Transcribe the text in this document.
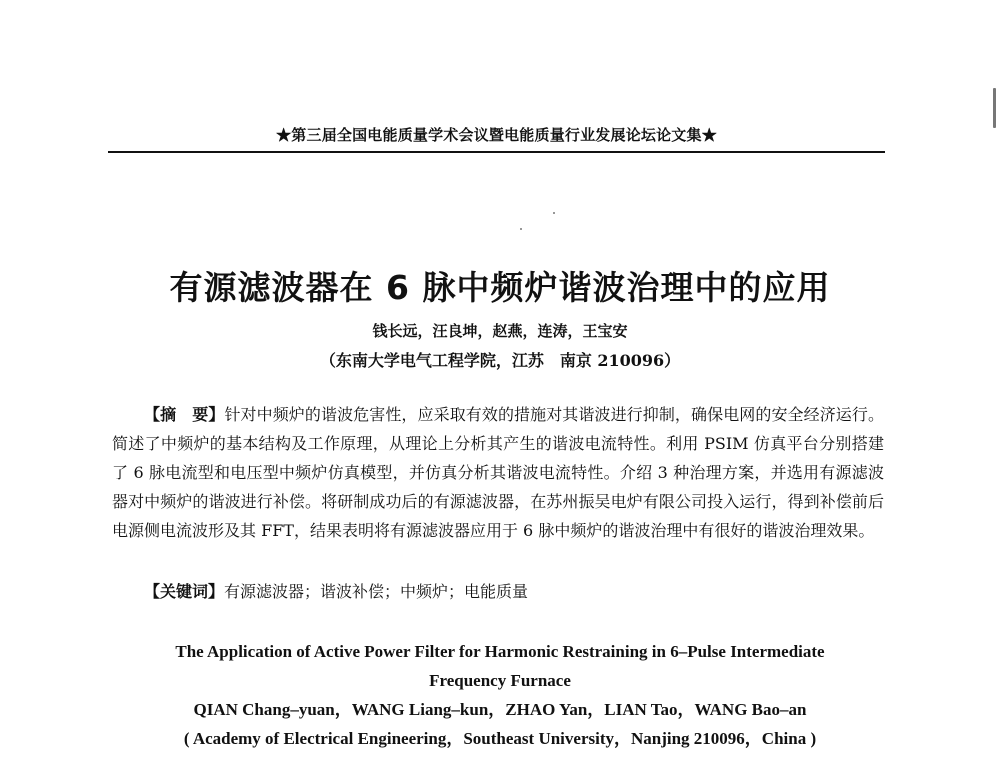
★第三届全国电能质量学术会议暨电能质量行业发展论坛论文集★
有源滤波器在 6 脉中频炉谐波治理中的应用
钱长远，汪良坤，赵燕，连涛，王宝安
（东南大学电气工程学院，江苏　南京 210096）

【摘　要】针对中频炉的谐波危害性，应采取有效的措施对其谐波进行抑制，确保电网的安全经济运行。简述了中频炉的基本结构及工作原理，从理论上分析其产生的谐波电流特性。利用 PSIM 仿真平台分别搭建了 6 脉电流型和电压型中频炉仿真模型，并仿真分析其谐波电流特性。介绍 3 种治理方案，并选用有源滤波器对中频炉的谐波进行补偿。将研制成功后的有源滤波器，在苏州振吴电炉有限公司投入运行，得到补偿前后电源侧电流波形及其 FFT，结果表明将有源滤波器应用于 6 脉中频炉的谐波治理中有很好的谐波治理效果。

【关键词】有源滤波器；谐波补偿；中频炉；电能质量
The Application of Active Power Filter for Harmonic Restraining in 6–Pulse Intermediate
Frequency Furnace
QIAN Chang–yuan，WANG Liang–kun，ZHAO Yan，LIAN Tao，WANG Bao–an
( Academy of Electrical Engineering，Southeast University，Nanjing 210096，China )
